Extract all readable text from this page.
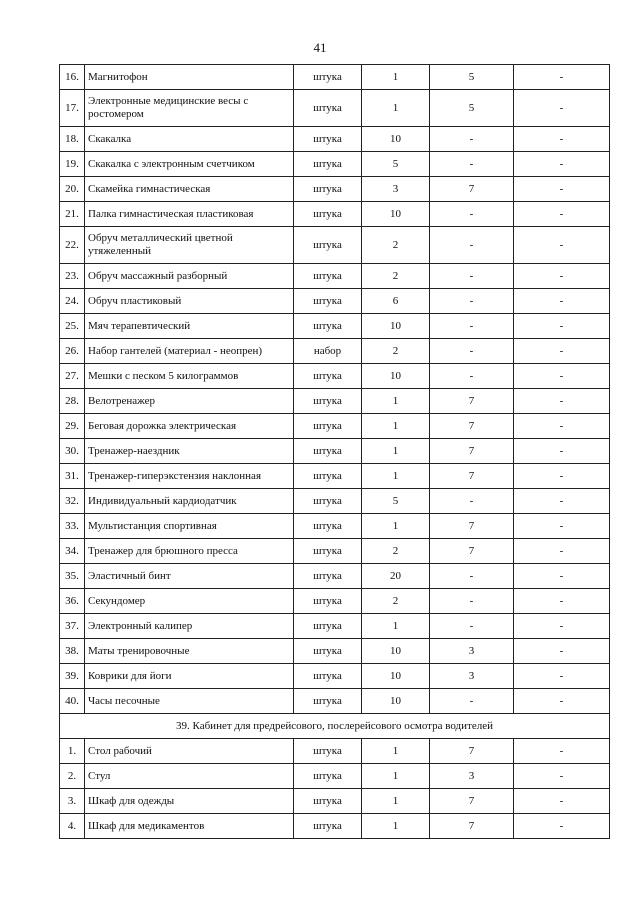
41
16.	Магнитофон	штука	1	5	-
17.	Электронные медицинские весы с ростомером	штука	1	5	-
18.	Скакалка	штука	10	-	-
19.	Скакалка с электронным счетчиком	штука	5	-	-
20.	Скамейка гимнастическая	штука	3	7	-
21.	Палка гимнастическая пластиковая	штука	10	-	-
22.	Обруч металлический цветной утяжеленный	штука	2	-	-
23.	Обруч массажный разборный	штука	2	-	-
24.	Обруч пластиковый	штука	6	-	-
25.	Мяч терапевтический	штука	10	-	-
26.	Набор гантелей (материал - неопрен)	набор	2	-	-
27.	Мешки с песком 5 килограммов	штука	10	-	-
28.	Велотренажер	штука	1	7	-
29.	Беговая дорожка электрическая	штука	1	7	-
30.	Тренажер-наездник	штука	1	7	-
31.	Тренажер-гиперэкстензия наклонная	штука	1	7	-
32.	Индивидуальный кардиодатчик	штука	5	-	-
33.	Мультистанция спортивная	штука	1	7	-
34.	Тренажер для брюшного пресса	штука	2	7	-
35.	Эластичный бинт	штука	20	-	-
36.	Секундомер	штука	2	-	-
37.	Электронный калипер	штука	1	-	-
38.	Маты тренировочные	штука	10	3	-
39.	Коврики для йоги	штука	10	3	-
40.	Часы песочные	штука	10	-	-
39. Кабинет для предрейсового, послерейсового осмотра водителей					
1.	Стол рабочий	штука	1	7	-
2.	Стул	штука	1	3	-
3.	Шкаф для одежды	штука	1	7	-
4.	Шкаф для медикаментов	штука	1	7	-
